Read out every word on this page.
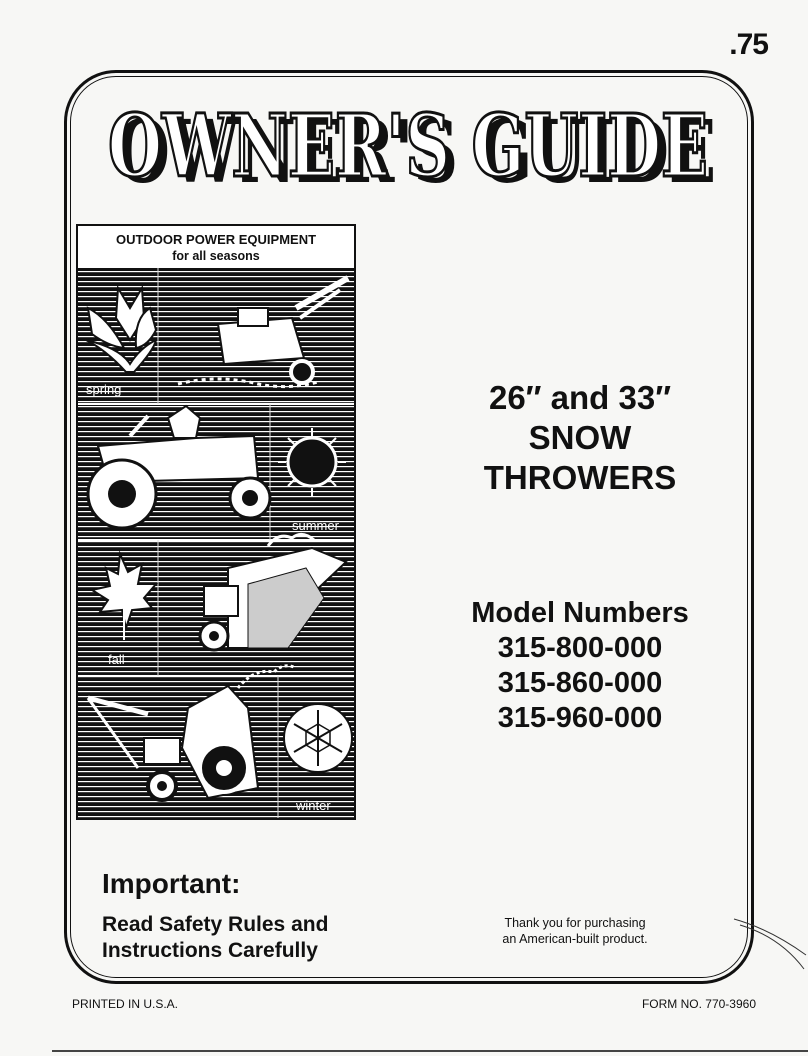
.75
OWNER'S GUIDE
OWNER'S GUIDE
OUTDOOR POWER EQUIPMENT
for all seasons
spring
summer
fall
winter
26″ and 33″
SNOW
THROWERS
Model Numbers
315-800-000
315-860-000
315-960-000
Important:
Read Safety Rules and
Instructions Carefully
Thank you for purchasing
an American-built product.
PRINTED IN U.S.A.	FORM NO. 770-3960
